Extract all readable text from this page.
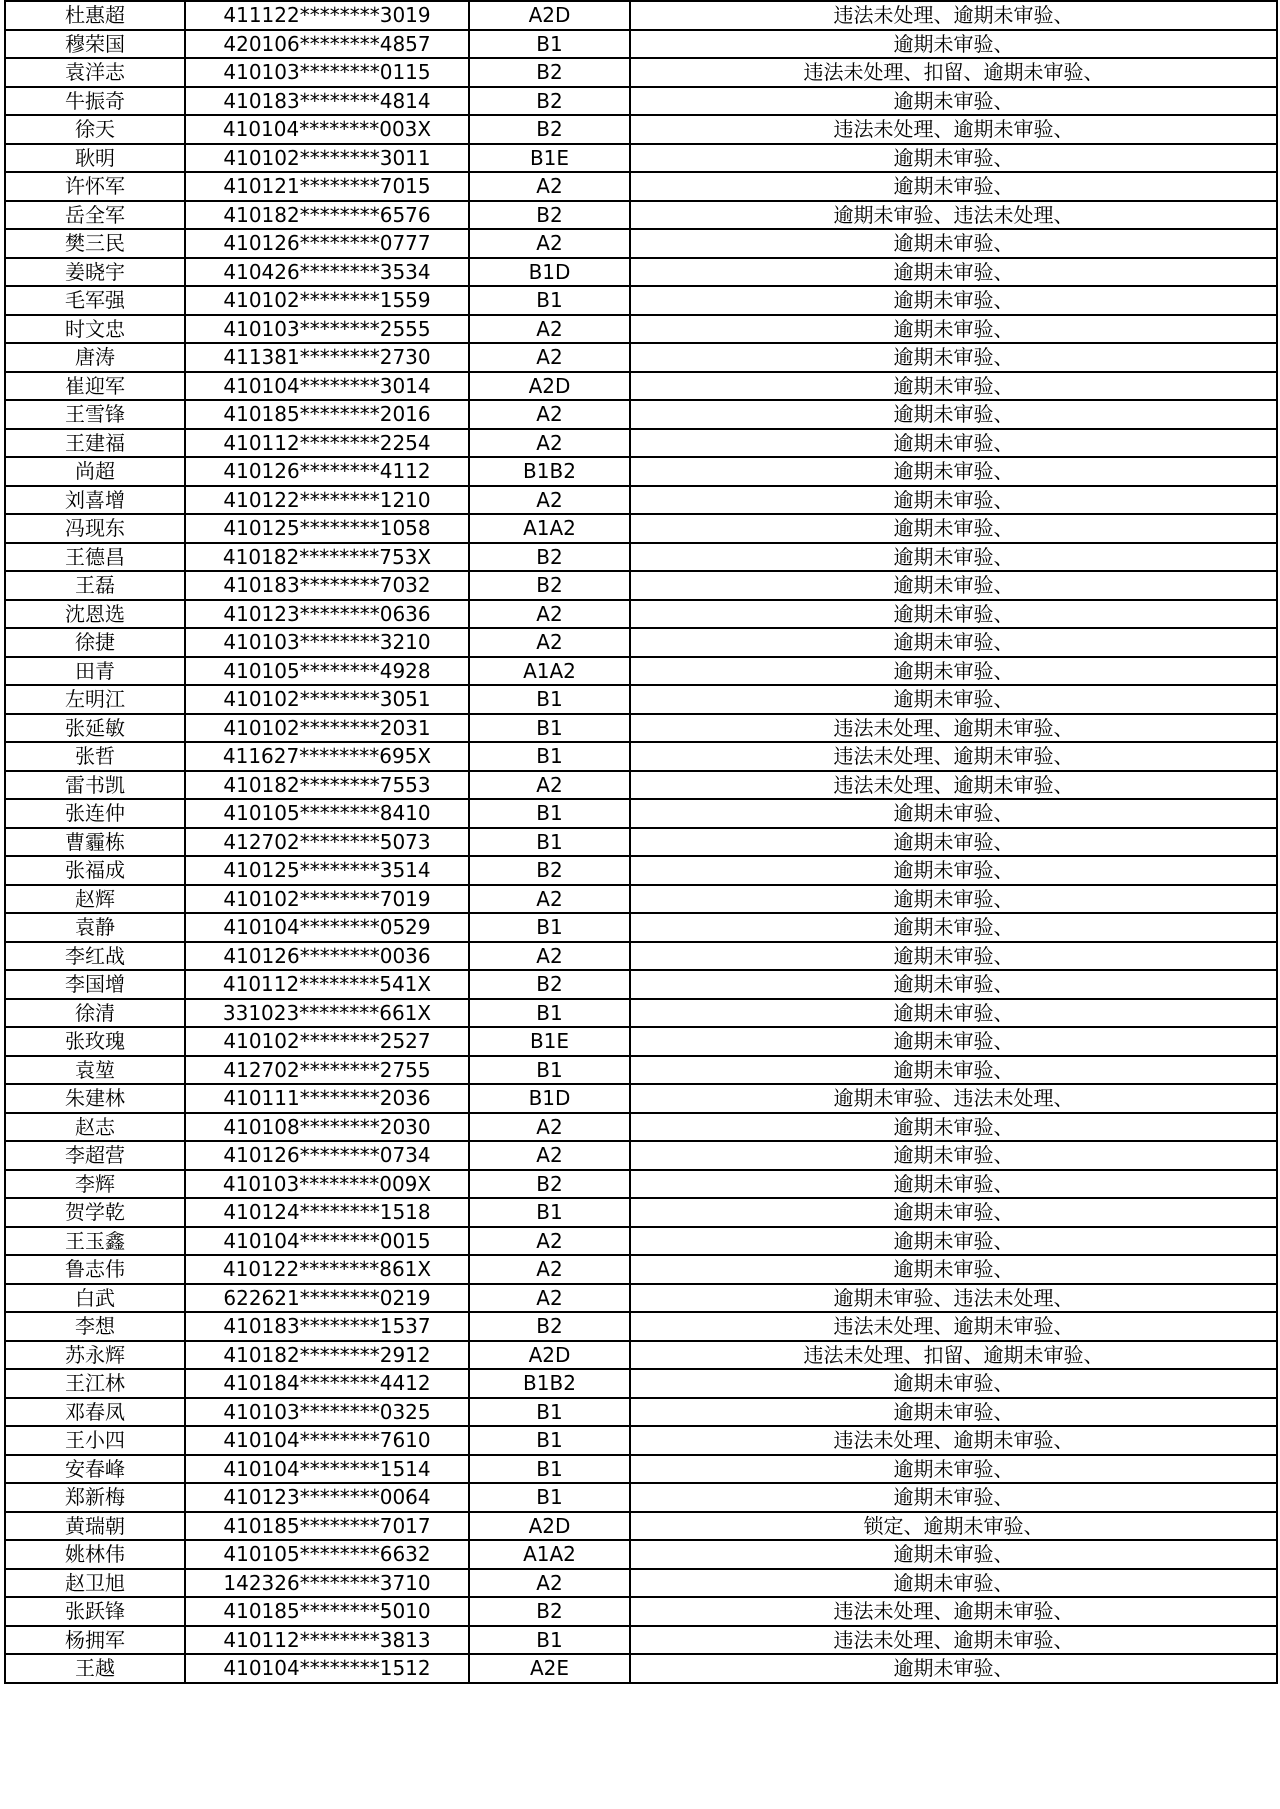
杜惠超	411122********3019	A2D	违法未处理、逾期未审验、
穆荣国	420106********4857	B1	逾期未审验、
袁洋志	410103********0115	B2	违法未处理、扣留、逾期未审验、
牛振奇	410183********4814	B2	逾期未审验、
徐天	410104********003X	B2	违法未处理、逾期未审验、
耿明	410102********3011	B1E	逾期未审验、
许怀军	410121********7015	A2	逾期未审验、
岳全军	410182********6576	B2	逾期未审验、违法未处理、
樊三民	410126********0777	A2	逾期未审验、
姜晓宇	410426********3534	B1D	逾期未审验、
毛军强	410102********1559	B1	逾期未审验、
时文忠	410103********2555	A2	逾期未审验、
唐涛	411381********2730	A2	逾期未审验、
崔迎军	410104********3014	A2D	逾期未审验、
王雪锋	410185********2016	A2	逾期未审验、
王建福	410112********2254	A2	逾期未审验、
尚超	410126********4112	B1B2	逾期未审验、
刘喜增	410122********1210	A2	逾期未审验、
冯现东	410125********1058	A1A2	逾期未审验、
王德昌	410182********753X	B2	逾期未审验、
王磊	410183********7032	B2	逾期未审验、
沈恩选	410123********0636	A2	逾期未审验、
徐捷	410103********3210	A2	逾期未审验、
田青	410105********4928	A1A2	逾期未审验、
左明江	410102********3051	B1	逾期未审验、
张延敏	410102********2031	B1	违法未处理、逾期未审验、
张哲	411627********695X	B1	违法未处理、逾期未审验、
雷书凯	410182********7553	A2	违法未处理、逾期未审验、
张连仲	410105********8410	B1	逾期未审验、
曹霾栋	412702********5073	B1	逾期未审验、
张福成	410125********3514	B2	逾期未审验、
赵辉	410102********7019	A2	逾期未审验、
袁静	410104********0529	B1	逾期未审验、
李红战	410126********0036	A2	逾期未审验、
李国增	410112********541X	B2	逾期未审验、
徐清	331023********661X	B1	逾期未审验、
张玫瑰	410102********2527	B1E	逾期未审验、
袁堃	412702********2755	B1	逾期未审验、
朱建林	410111********2036	B1D	逾期未审验、违法未处理、
赵志	410108********2030	A2	逾期未审验、
李超营	410126********0734	A2	逾期未审验、
李辉	410103********009X	B2	逾期未审验、
贺学乾	410124********1518	B1	逾期未审验、
王玉鑫	410104********0015	A2	逾期未审验、
鲁志伟	410122********861X	A2	逾期未审验、
白武	622621********0219	A2	逾期未审验、违法未处理、
李想	410183********1537	B2	违法未处理、逾期未审验、
苏永辉	410182********2912	A2D	违法未处理、扣留、逾期未审验、
王江林	410184********4412	B1B2	逾期未审验、
邓春凤	410103********0325	B1	逾期未审验、
王小四	410104********7610	B1	违法未处理、逾期未审验、
安春峰	410104********1514	B1	逾期未审验、
郑新梅	410123********0064	B1	逾期未审验、
黄瑞朝	410185********7017	A2D	锁定、逾期未审验、
姚林伟	410105********6632	A1A2	逾期未审验、
赵卫旭	142326********3710	A2	逾期未审验、
张跃锋	410185********5010	B2	违法未处理、逾期未审验、
杨拥军	410112********3813	B1	违法未处理、逾期未审验、
王越	410104********1512	A2E	逾期未审验、
